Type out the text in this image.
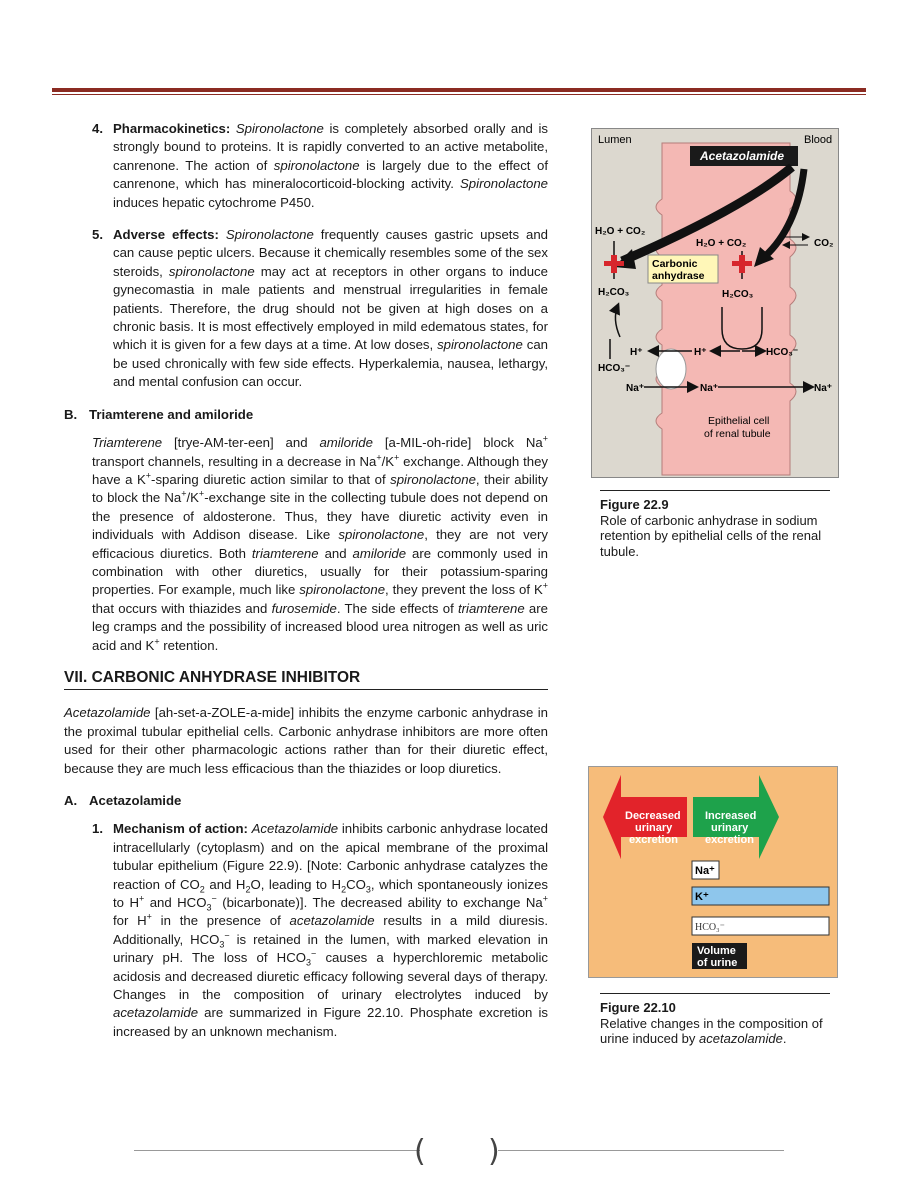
4. Pharmacokinetics: Spironolactone is completely absorbed orally and is strongly bound to proteins. It is rapidly converted to an active metabolite, canrenone. The action of spironolactone is largely due to the effect of canrenone, which has mineralocorticoid-blocking activity. Spironolactone induces hepatic cytochrome P450.

5. Adverse effects: Spironolactone frequently causes gastric upsets and can cause peptic ulcers. Because it chemically resembles some of the sex steroids, spironolactone may act at receptors in other organs to induce gynecomastia in male patients and menstrual irregularities in female patients. Therefore, the drug should not be given at high doses on a chronic basis. It is most effectively employed in mild edematous states, for which it is given for a few days at a time. At low doses, spironolactone can be used chronically with few side effects. Hyperkalemia, nausea, lethargy, and mental confusion can occur.

B. Triamterene and amiloride

Triamterene [trye-AM-ter-een] and amiloride [a-MIL-oh-ride] block Na+ transport channels, resulting in a decrease in Na+/K+ exchange. Although they have a K+-sparing diuretic action similar to that of spironolactone, their ability to block the Na+/K+-exchange site in the collecting tubule does not depend on the presence of aldosterone. Thus, they have diuretic activity even in individuals with Addison disease. Like spironolactone, they are not very efficacious diuretics. Both triamterene and amiloride are commonly used in combination with other diuretics, usually for their potassium-sparing properties. For example, much like spironolactone, they prevent the loss of K+ that occurs with thiazides and furosemide. The side effects of triamterene are leg cramps and the possibility of increased blood urea nitrogen as well as uric acid and K+ retention.

VII. CARBONIC ANHYDRASE INHIBITOR

Acetazolamide [ah-set-a-ZOLE-a-mide] inhibits the enzyme carbonic anhydrase in the proximal tubular epithelial cells. Carbonic anhydrase inhibitors are more often used for their other pharmacologic actions rather than for their diuretic effect, because they are much less efficacious than the thiazides or loop diuretics.

A. Acetazolamide

1. Mechanism of action: Acetazolamide inhibits carbonic anhydrase located intracellularly (cytoplasm) and on the apical membrane of the proximal tubular epithelium (Figure 22.9). [Note: Carbonic anhydrase catalyzes the reaction of $CO_2$ and $H_2O$, leading to $H_2CO_3$, which spontaneously ionizes to H+ and $HCO_3^-$ (bicarbonate)]. The decreased ability to exchange Na+ for H+ in the presence of acetazolamide results in a mild diuresis. Additionally, $HCO_3^-$ is retained in the lumen, with marked elevation in urinary pH. The loss of $HCO_3^-$ causes a hyperchloremic metabolic acidosis and decreased diuretic efficacy following several days of therapy. Changes in the composition of urinary electrolytes induced by acetazolamide are summarized in Figure 22.10. Phosphate excretion is increased by an unknown mechanism.

Lumen	Blood
Acetazolamide
H₂O + CO₂
H₂O + CO₂	CO₂
Carbonic
anhydrase
H₂CO₃	H₂CO₃
H⁺	H⁺	HCO₃⁻
HCO₃⁻
Na⁺	Na⁺	Na⁺
Epithelial cell
of renal tubule
Figure 22.9
Role of carbonic anhydrase in sodium retention by epithelial cells of the renal tubule.
Decreased
urinary
excretion
Increased
urinary
excretion
Na⁺
K⁺
HCO₃⁻
Volume
of urine
Figure 22.10
Relative changes in the composition of urine induced by acetazolamide.
( )
